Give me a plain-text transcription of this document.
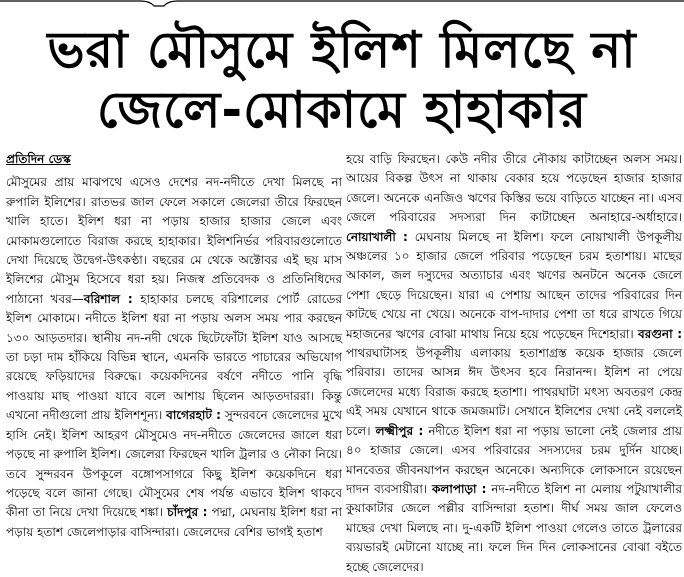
ভরা মৌসুমে ইলিশ মিলছে না
জেলে-মোকামে হাহাকার
প্রতিদিন ডেস্ক

মৌসুমের প্রায় মাঝপথে এসেও দেশের নদ-নদীতে দেখা মিলছে না রুপালি ইলিশের। রাতভর জাল ফেলে সকালে জেলেরা তীরে ফিরছেন খালি হাতে। ইলিশ ধরা না পড়ায় হাজার হাজার জেলে এবং মোকামগুলোতে বিরাজ করছে হাহাকার। ইলিশনির্ভর পরিবারগুলোতে দেখা দিয়েছে উদ্বেগ-উৎকণ্ঠা। বছরের মে থেকে অক্টোবর এই ছয় মাস ইলিশের মৌসুম হিসেবে ধরা হয়। নিজস্ব প্রতিবেদক ও প্রতিনিধিদের পাঠানো খবর—বরিশাল : হাহাকার চলছে বরিশালের পোর্ট রোডের ইলিশ মোকামে। নদীতে ইলিশ ধরা না পড়ায় অলস সময় পার করছেন ১৩০ আড়তদার। স্থানীয় নদ-নদী থেকে ছিটেফোঁটা ইলিশ যাও আসছে তা চড়া দাম হাঁকিয়ে বিভিন্ন স্থানে, এমনকি ভারতে পাচারের অভিযোগ রয়েছে ফড়িয়াদের বিরুদ্ধে। কয়েকদিনের বর্ষণে নদীতে পানি বৃদ্ধি পাওয়ায় মাছ পাওয়া যাবে বলে আশায় ছিলেন আড়তদাররা। কিন্তু এখনো নদীগুলো প্রায় ইলিশশূন্য। বাগেরহাট : সুন্দরবনে জেলেদের মুখে হাসি নেই। ইলিশ আহরণ মৌসুমেও নদ-নদীতে জেলেদের জালে ধরা পড়ছে না রুপালি ইলিশ। জেলেরা ফিরছেন খালি ট্রলার ও নৌকা নিয়ে। তবে সুন্দরবন উপকূলে বঙ্গোপসাগরে কিছু ইলিশ কয়েকদিনে ধরা পড়েছে বলে জানা গেছে। মৌসুমের শেষ পর্যন্ত এভাবে ইলিশ থাকবে কীনা তা নিয়ে দেখা দিয়েছে শঙ্কা। চাঁদপুর : পদ্মা, মেঘনায় ইলিশ ধরা না পড়ায় হতাশ জেলেপাড়ার বাসিন্দারা। জেলেদের বেশির ভাগই হতাশ

হয়ে বাড়ি ফিরছেন। কেউ নদীর তীরে নৌকায় কাটাচ্ছেন অলস সময়। আয়ের বিকল্প উৎস না থাকায় বেকার হয়ে পড়েছেন হাজার হাজার জেলে। অনেকে এনজিও ঋণের কিস্তির ভয়ে বাড়িতে যাচ্ছেন না। এসব জেলে পরিবারের সদস্যরা দিন কাটাচ্ছেন অনাহারে-অর্ধাহারে। নোয়াখালী : মেঘনায় মিলছে না ইলিশ। ফলে নোয়াখালী উপকূলীয় অঞ্চলের ১০ হাজার জেলে পরিবার পড়েছেন চরম হতাশায়। মাছের আকাল, জল দস্যুদের অত্যাচার এবং ঋণের অনটনে অনেক জেলে পেশা ছেড়ে দিয়েছেন। যারা এ পেশায় আছেন তাদের পরিবারের দিন কাটছে খেয়ে না খেয়ে। অনেকে বাপ-দাদার পেশা তা ধরে রাখতে গিয়ে মহাজনের ঋণের বোঝা মাথায় নিয়ে হয়ে পড়েছেন দিশেহারা। বরগুনা : পাথরঘাটাসহ উপকূলীয় এলাকায় হতাশাগ্রস্ত কয়েক হাজার জেলে পরিবার। তাদের আসন্ন ঈদ উৎসব হবে নিরানন্দ। ইলিশ না পেয়ে জেলেদের মধ্যে বিরাজ করছে হতাশা। পাথরঘাটা মৎস্য অবতরণ কেন্দ্র এই সময় যেখানে থাকে জমজমাট। সেখানে ইলিশের দেখা নেই বললেই চলে। লক্ষ্মীপুর : নদীতে ইলিশ ধরা না পড়ায় ভালো নেই জেলার প্রায় ৪০ হাজার জেলে। এসব পরিবারের সদস্যদের চরম দুর্দিন যাচ্ছে। মানবেতর জীবনযাপন করছেন অনেকে। অন্যদিকে লোকসানে রয়েছেন দাদন ব্যবসায়ীরা। কলাপাড়া : নদ-নদীতে ইলিশ না মেলায় পটুয়াখালীর কুয়াকাটার জেলে পল্লীর বাসিন্দারা হতাশ। দীর্ঘ সময় জাল ফেলেও মাছের দেখা মিলছে না। দু-একটি ইলিশ পাওয়া গেলেও তাতে ট্রলারের ব্যয়ভারই মেটানো যাচ্ছে না। ফলে দিন দিন লোকসানের বোঝা বইতে হচ্ছে জেলেদের।
